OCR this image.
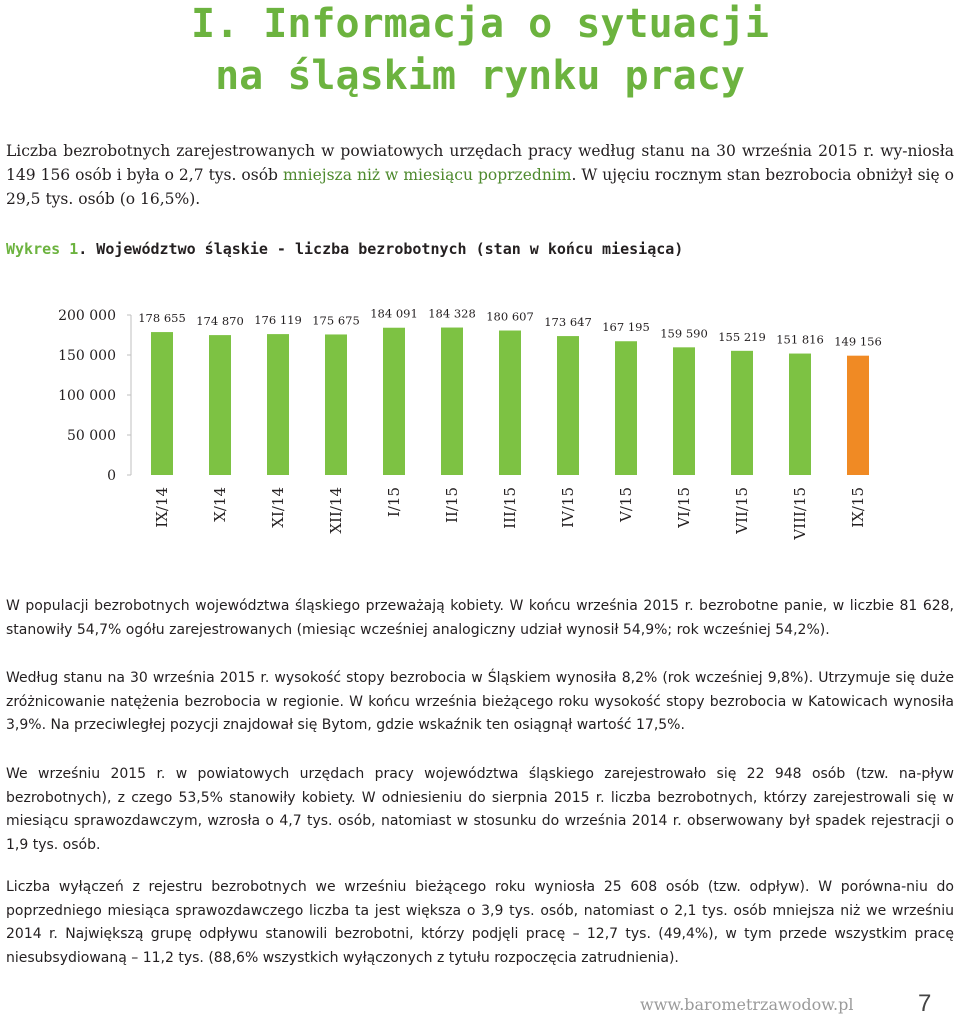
I. Informacja o sytuacji
na śląskim rynku pracy

Liczba bezrobotnych zarejestrowanych w powiatowych urzędach pracy według stanu na 30 września 2015 r. wy-niosła 149 156 osób i była o 2,7 tys. osób mniejsza niż w miesiącu poprzednim. W ujęciu rocznym stan bezrobocia obniżył się o 29,5 tys. osób (o 16,5%).

Wykres 1. Województwo śląskie - liczba bezrobotnych (stan w końcu miesiąca)
0
50 000
100 000
150 000
200 000 178 655
IX/14
174 870
X/14
176 119
XI/14
175 675
XII/14
184 091
I/15
184 328
II/15
180 607
III/15
173 647
IV/15
167 195
V/15
159 590
VI/15
155 219
VII/15
151 816
VIII/15
149 156
IX/15

W populacji bezrobotnych województwa śląskiego przeważają kobiety. W końcu września 2015 r. bezrobotne panie, w liczbie 81 628, stanowiły 54,7% ogółu zarejestrowanych (miesiąc wcześniej analogiczny udział wynosił 54,9%; rok wcześniej 54,2%).

Według stanu na 30 września 2015 r. wysokość stopy bezrobocia w Śląskiem wynosiła 8,2% (rok wcześniej 9,8%). Utrzymuje się duże zróżnicowanie natężenia bezrobocia w regionie. W końcu września bieżącego roku wysokość stopy bezrobocia w Katowicach wynosiła 3,9%. Na przeciwległej pozycji znajdował się Bytom, gdzie wskaźnik ten osiągnął wartość 17,5%.

We wrześniu 2015 r. w powiatowych urzędach pracy województwa śląskiego zarejestrowało się 22 948 osób (tzw. na-pływ bezrobotnych), z czego 53,5% stanowiły kobiety. W odniesieniu do sierpnia 2015 r. liczba bezrobotnych, którzy zarejestrowali się w miesiącu sprawozdawczym, wzrosła o 4,7 tys. osób, natomiast w stosunku do września 2014 r. obserwowany był spadek rejestracji o 1,9 tys. osób.

Liczba wyłączeń z rejestru bezrobotnych we wrześniu bieżącego roku wyniosła 25 608 osób (tzw. odpływ). W porówna-niu do poprzedniego miesiąca sprawozdawczego liczba ta jest większa o 3,9 tys. osób, natomiast o 2,1 tys. osób mniejsza niż we wrześniu 2014 r. Największą grupę odpływu stanowili bezrobotni, którzy podjęli pracę – 12,7 tys. (49,4%), w tym przede wszystkim pracę niesubsydiowaną – 11,2 tys. (88,6% wszystkich wyłączonych z tytułu rozpoczęcia zatrudnienia).

www.barometrzawodow.pl	7
